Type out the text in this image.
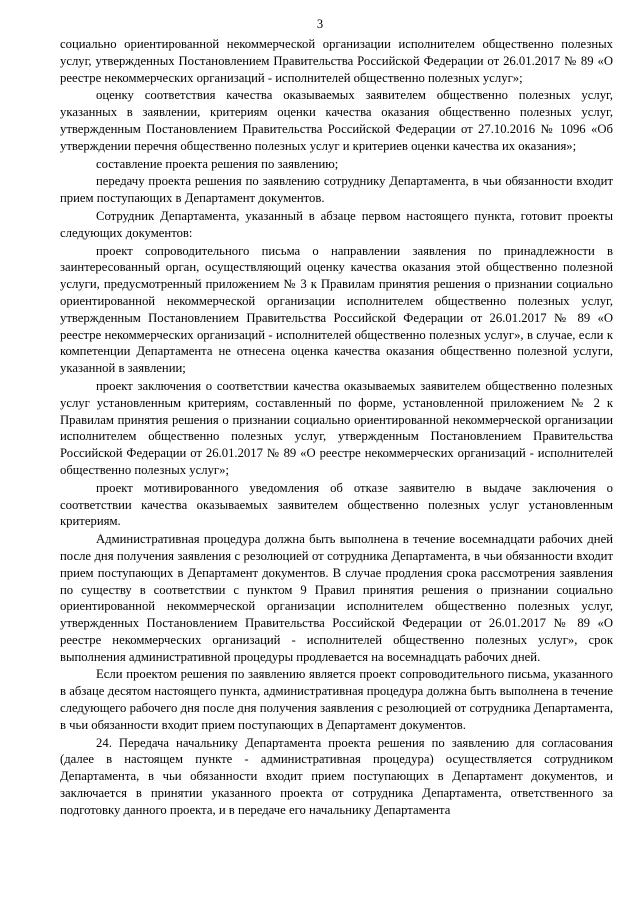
3

социально ориентированной некоммерческой организации исполнителем общественно полезных услуг, утвержденных Постановлением Правительства Российской Федерации от 26.01.2017 № 89 «О реестре некоммерческих организаций - исполнителей общественно полезных услуг»;

оценку соответствия качества оказываемых заявителем общественно полезных услуг, указанных в заявлении, критериям оценки качества оказания общественно полезных услуг, утвержденным Постановлением Правительства Российской Федерации от 27.10.2016 № 1096 «Об утверждении перечня общественно полезных услуг и критериев оценки качества их оказания»;

составление проекта решения по заявлению;

передачу проекта решения по заявлению сотруднику Департамента, в чьи обязанности входит прием поступающих в Департамент документов.

Сотрудник Департамента, указанный в абзаце первом настоящего пункта, готовит проекты следующих документов:

проект сопроводительного письма о направлении заявления по принадлежности в заинтересованный орган, осуществляющий оценку качества оказания этой общественно полезной услуги, предусмотренный приложением № 3 к Правилам принятия решения о признании социально ориентированной некоммерческой организации исполнителем общественно полезных услуг, утвержденным Постановлением Правительства Российской Федерации от 26.01.2017 № 89 «О реестре некоммерческих организаций - исполнителей общественно полезных услуг», в случае, если к компетенции Департамента не отнесена оценка качества оказания общественно полезной услуги, указанной в заявлении;

проект заключения о соответствии качества оказываемых заявителем общественно полезных услуг установленным критериям, составленный по форме, установленной приложением № 2 к Правилам принятия решения о признании социально ориентированной некоммерческой организации исполнителем общественно полезных услуг, утвержденным Постановлением Правительства Российской Федерации от 26.01.2017 № 89 «О реестре некоммерческих организаций - исполнителей общественно полезных услуг»;

проект мотивированного уведомления об отказе заявителю в выдаче заключения о соответствии качества оказываемых заявителем общественно полезных услуг установленным критериям.

Административная процедура должна быть выполнена в течение восемнадцати рабочих дней после дня получения заявления с резолюцией от сотрудника Департамента, в чьи обязанности входит прием поступающих в Департамент документов. В случае продления срока рассмотрения заявления по существу в соответствии с пунктом 9 Правил принятия решения о признании социально ориентированной некоммерческой организации исполнителем общественно полезных услуг, утвержденных Постановлением Правительства Российской Федерации от 26.01.2017 № 89 «О реестре некоммерческих организаций - исполнителей общественно полезных услуг», срок выполнения административной процедуры продлевается на восемнадцать рабочих дней.

Если проектом решения по заявлению является проект сопроводительного письма, указанного в абзаце десятом настоящего пункта, административная процедура должна быть выполнена в течение следующего рабочего дня после дня получения заявления с резолюцией от сотрудника Департамента, в чьи обязанности входит прием поступающих в Департамент документов.

24. Передача начальнику Департамента проекта решения по заявлению для согласования (далее в настоящем пункте - административная процедура) осуществляется сотрудником Департамента, в чьи обязанности входит прием поступающих в Департамент документов, и заключается в принятии указанного проекта от сотрудника Департамента, ответственного за подготовку данного проекта, и в передаче его начальнику Департамента
